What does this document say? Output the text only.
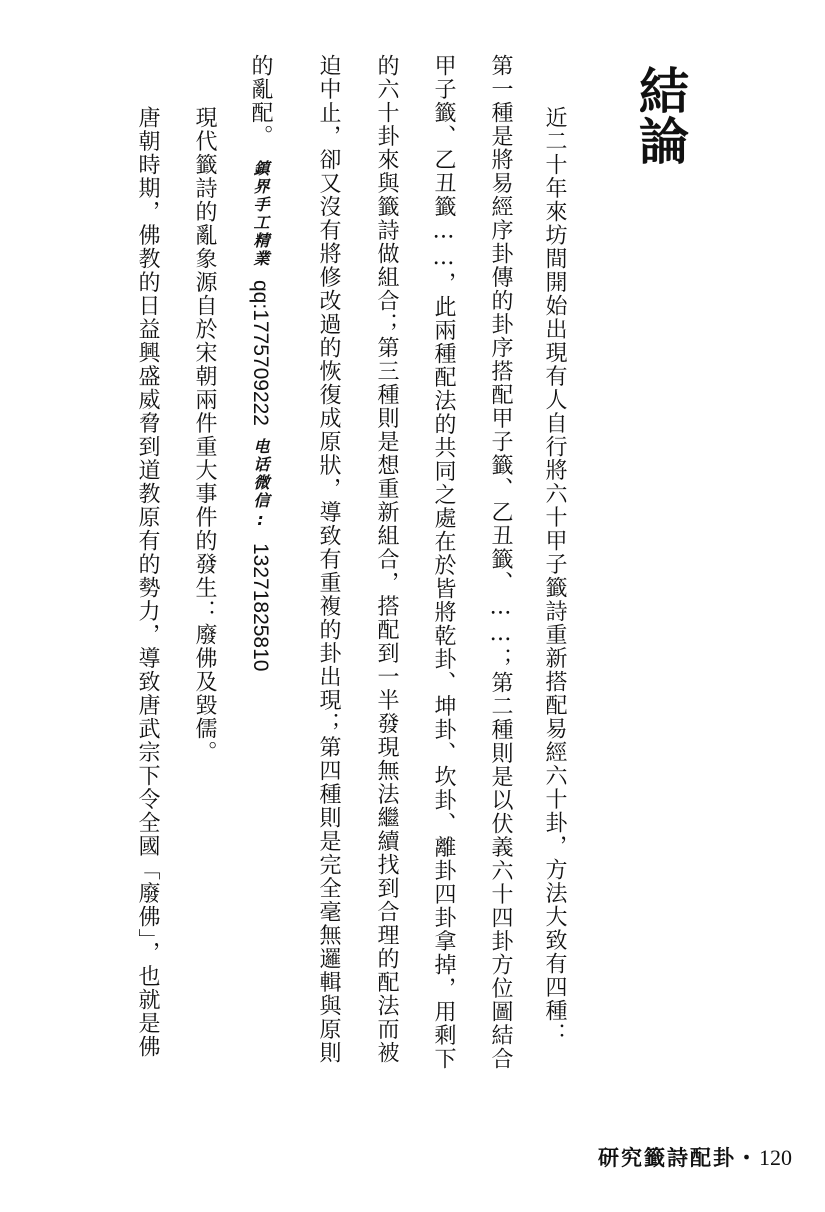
結論
近二十年來坊間開始出現有人自行將六十甲子籤詩重新搭配易經六十卦，方法大致有四種：
第一種是將易經序卦傳的卦序搭配甲子籤、乙丑籤、……；第二種則是以伏義六十四卦方位圖結合
甲子籤、乙丑籤……，此兩種配法的共同之處在於皆將乾卦、坤卦、坎卦、離卦四卦拿掉，用剩下
的六十卦來與籤詩做組合；第三種則是想重新組合，搭配到一半發現無法繼續找到合理的配法而被
迫中止，卻又沒有將修改過的恢復成原狀，導致有重複的卦出現；第四種則是完全毫無邏輯與原則
的亂配。鎮界手工精業qq:1775709222电话微信:13271825810
現代籤詩的亂象源自於宋朝兩件重大事件的發生：廢佛及毀儒。
唐朝時期，佛教的日益興盛威脅到道教原有的勢力，導致唐武宗下令全國「廢佛」，也就是佛
研究籤詩配卦・120
